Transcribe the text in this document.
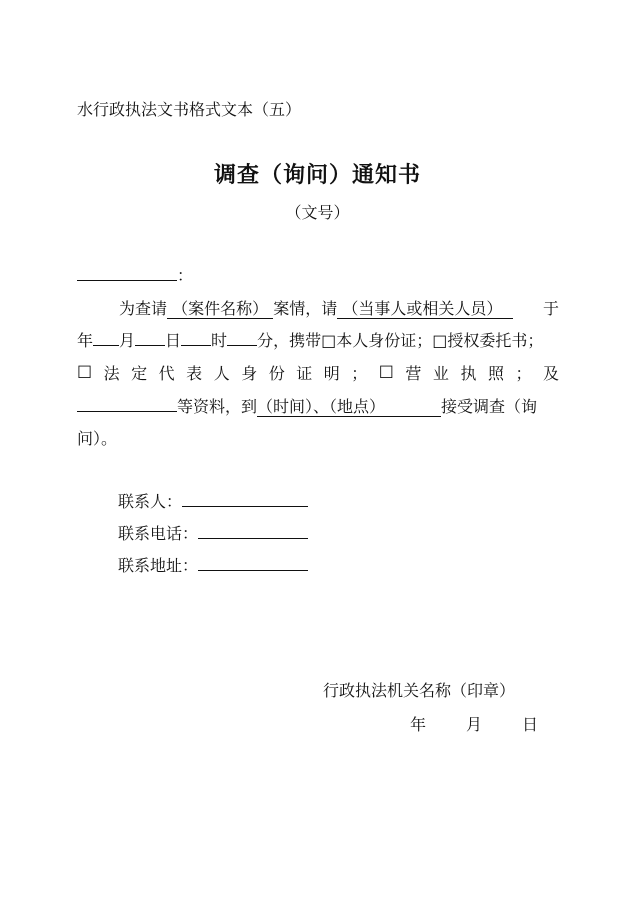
水行政执法文书格式文本（五）
调查（询问）通知书
（文号）
：
为查请 （案件名称） 案情，请 （当事人或相关人员）	于
年 月 日 时 分，携带□本人身份证；□授权委托书；
□ 法 定 代 表 人 身 份 证 明 ； □ 营 业 执 照 ； 及
等资料，到（时间）、（地点）	接受调查（询
问）。
联系人：
联系电话：
联系地址：
行政执法机关名称（印章）
年	月	日
